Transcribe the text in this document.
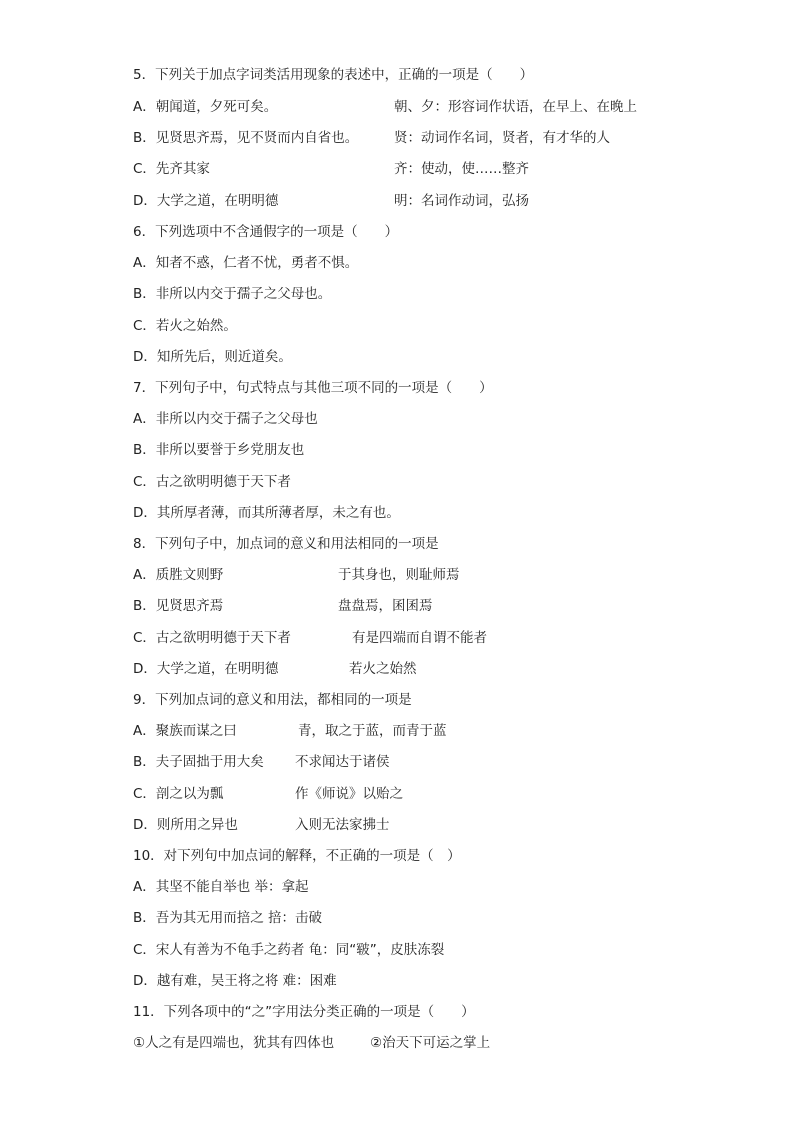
5．下列关于加点字词类活用现象的表述中，正确的一项是（　　）
A．朝闻道，夕死可矣。	朝、夕：形容词作状语，在早上、在晚上
B．见贤思齐焉，见不贤而内自省也。	贤：动词作名词，贤者，有才华的人
C．先齐其家	齐：使动，使……整齐
D．大学之道，在明明德	明：名词作动词，弘扬
6．下列选项中不含通假字的一项是（　　）
A．知者不惑，仁者不忧，勇者不惧。
B．非所以内交于孺子之父母也。
C．若火之始然。
D．知所先后，则近道矣。
7．下列句子中，句式特点与其他三项不同的一项是（　　）
A．非所以内交于孺子之父母也
B．非所以要誉于乡党朋友也
C．古之欲明明德于天下者
D．其所厚者薄，而其所薄者厚，未之有也。
8．下列句子中，加点词的意义和用法相同的一项是
A．质胜文则野	于其身也，则耻师焉
B．见贤思齐焉	盘盘焉，囷囷焉
C．古之欲明明德于天下者	有是四端而自谓不能者
D．大学之道，在明明德	若火之始然
9．下列加点词的意义和用法，都相同的一项是
A．聚族而谋之曰	青，取之于蓝，而青于蓝
B．夫子固拙于用大矣 不求闻达于诸侯
C．剖之以为瓢	作《师说》以贻之
D．则所用之异也	入则无法家拂士
10．对下列句中加点词的解释，不正确的一项是（　）
A．其坚不能自举也 举：拿起
B．吾为其无用而掊之 掊：击破
C．宋人有善为不龟手之药者 龟：同“皲”，皮肤冻裂
D．越有难，吴王将之将 难：困难
11．下列各项中的“之”字用法分类正确的一项是（　　）
①人之有是四端也，犹其有四体也	②治天下可运之掌上
